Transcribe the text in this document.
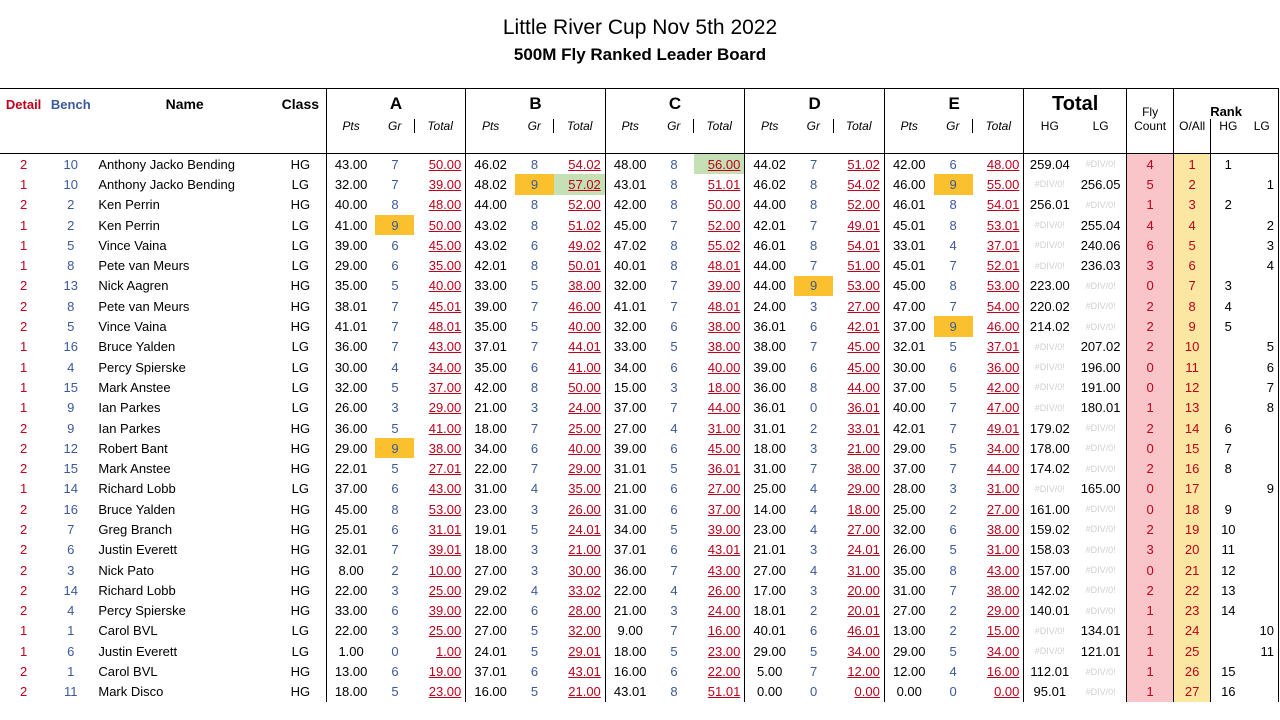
Little River Cup Nov 5th 2022
500M Fly Ranked Leader Board
Detail	Bench	Name	Class	A			B			C			D			E			Total		Fly	Rank		
				Pts	Gr	Total	Pts	Gr	Total	Pts	Gr	Total	Pts	Gr	Total	Pts	Gr	Total	HG	LG	Count	O/All	HG	LG

2	10	Anthony Jacko Bending	HG	43.00	7	50.00	46.02	8	54.02	48.00	8	56.00	44.02	7	51.02	42.00	6	48.00	259.04	#DIV/0!	4	1	1	
1	10	Anthony Jacko Bending	LG	32.00	7	39.00	48.02	9	57.02	43.01	8	51.01	46.02	8	54.02	46.00	9	55.00	#DIV/0!	256.05	5	2		1
2	2	Ken Perrin	HG	40.00	8	48.00	44.00	8	52.00	42.00	8	50.00	44.00	8	52.00	46.01	8	54.01	256.01	#DIV/0!	1	3	2	
1	2	Ken Perrin	LG	41.00	9	50.00	43.02	8	51.02	45.00	7	52.00	42.01	7	49.01	45.01	8	53.01	#DIV/0!	255.04	4	4		2
1	5	Vince Vaina	LG	39.00	6	45.00	43.02	6	49.02	47.02	8	55.02	46.01	8	54.01	33.01	4	37.01	#DIV/0!	240.06	6	5		3
1	8	Pete van Meurs	LG	29.00	6	35.00	42.01	8	50.01	40.01	8	48.01	44.00	7	51.00	45.01	7	52.01	#DIV/0!	236.03	3	6		4
2	13	Nick Aagren	HG	35.00	5	40.00	33.00	5	38.00	32.00	7	39.00	44.00	9	53.00	45.00	8	53.00	223.00	#DIV/0!	0	7	3	
2	8	Pete van Meurs	HG	38.01	7	45.01	39.00	7	46.00	41.01	7	48.01	24.00	3	27.00	47.00	7	54.00	220.02	#DIV/0!	2	8	4	
2	5	Vince Vaina	HG	41.01	7	48.01	35.00	5	40.00	32.00	6	38.00	36.01	6	42.01	37.00	9	46.00	214.02	#DIV/0!	2	9	5	
1	16	Bruce Yalden	LG	36.00	7	43.00	37.01	7	44.01	33.00	5	38.00	38.00	7	45.00	32.01	5	37.01	#DIV/0!	207.02	2	10		5
1	4	Percy Spierske	LG	30.00	4	34.00	35.00	6	41.00	34.00	6	40.00	39.00	6	45.00	30.00	6	36.00	#DIV/0!	196.00	0	11		6
1	15	Mark Anstee	LG	32.00	5	37.00	42.00	8	50.00	15.00	3	18.00	36.00	8	44.00	37.00	5	42.00	#DIV/0!	191.00	0	12		7
1	9	Ian Parkes	LG	26.00	3	29.00	21.00	3	24.00	37.00	7	44.00	36.01	0	36.01	40.00	7	47.00	#DIV/0!	180.01	1	13		8
2	9	Ian Parkes	HG	36.00	5	41.00	18.00	7	25.00	27.00	4	31.00	31.01	2	33.01	42.01	7	49.01	179.02	#DIV/0!	2	14	6	
2	12	Robert Bant	HG	29.00	9	38.00	34.00	6	40.00	39.00	6	45.00	18.00	3	21.00	29.00	5	34.00	178.00	#DIV/0!	0	15	7	
2	15	Mark Anstee	HG	22.01	5	27.01	22.00	7	29.00	31.01	5	36.01	31.00	7	38.00	37.00	7	44.00	174.02	#DIV/0!	2	16	8	
1	14	Richard Lobb	LG	37.00	6	43.00	31.00	4	35.00	21.00	6	27.00	25.00	4	29.00	28.00	3	31.00	#DIV/0!	165.00	0	17		9
2	16	Bruce Yalden	HG	45.00	8	53.00	23.00	3	26.00	31.00	6	37.00	14.00	4	18.00	25.00	2	27.00	161.00	#DIV/0!	0	18	9	
2	7	Greg Branch	HG	25.01	6	31.01	19.01	5	24.01	34.00	5	39.00	23.00	4	27.00	32.00	6	38.00	159.02	#DIV/0!	2	19	10	
2	6	Justin Everett	HG	32.01	7	39.01	18.00	3	21.00	37.01	6	43.01	21.01	3	24.01	26.00	5	31.00	158.03	#DIV/0!	3	20	11	
2	3	Nick Pato	HG	8.00	2	10.00	27.00	3	30.00	36.00	7	43.00	27.00	4	31.00	35.00	8	43.00	157.00	#DIV/0!	0	21	12	
2	14	Richard Lobb	HG	22.00	3	25.00	29.02	4	33.02	22.00	4	26.00	17.00	3	20.00	31.00	7	38.00	142.02	#DIV/0!	2	22	13	
2	4	Percy Spierske	HG	33.00	6	39.00	22.00	6	28.00	21.00	3	24.00	18.01	2	20.01	27.00	2	29.00	140.01	#DIV/0!	1	23	14	
1	1	Carol BVL	LG	22.00	3	25.00	27.00	5	32.00	9.00	7	16.00	40.01	6	46.01	13.00	2	15.00	#DIV/0!	134.01	1	24		10
1	6	Justin Everett	LG	1.00	0	1.00	24.01	5	29.01	18.00	5	23.00	29.00	5	34.00	29.00	5	34.00	#DIV/0!	121.01	1	25		11
2	1	Carol BVL	HG	13.00	6	19.00	37.01	6	43.01	16.00	6	22.00	5.00	7	12.00	12.00	4	16.00	112.01	#DIV/0!	1	26	15	
2	11	Mark Disco	HG	18.00	5	23.00	16.00	5	21.00	43.01	8	51.01	0.00	0	0.00	0.00	0	0.00	95.01	#DIV/0!	1	27	16	
